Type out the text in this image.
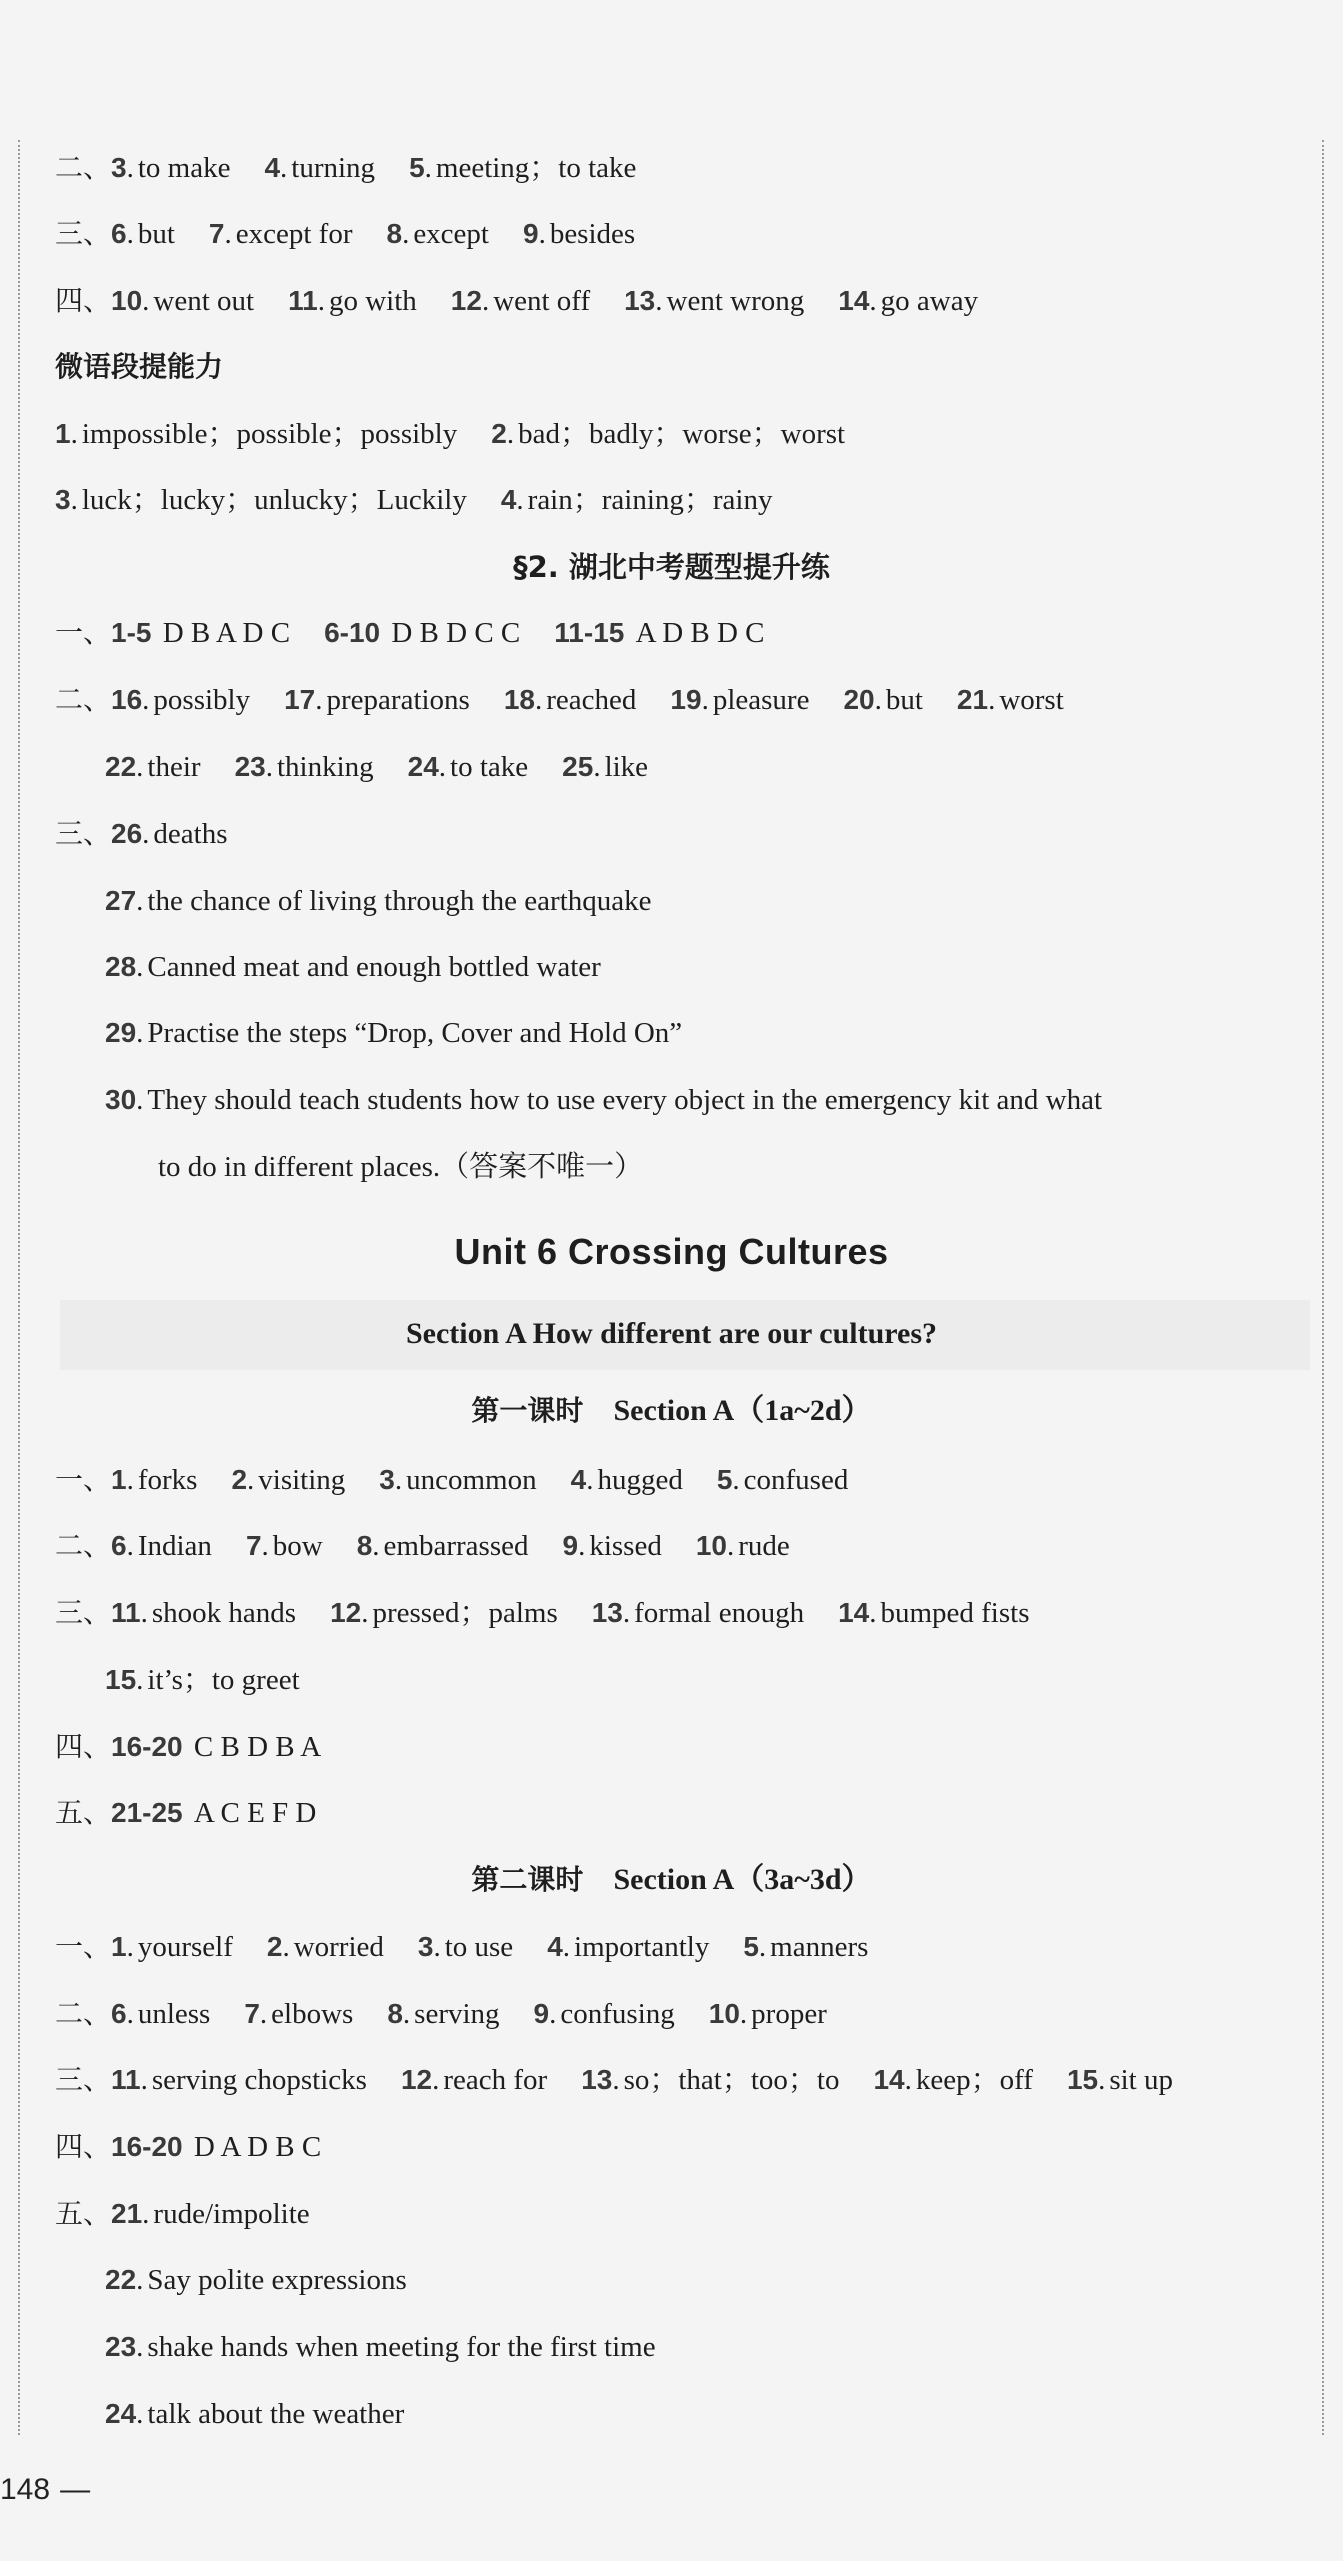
二、3. to make 4. turning 5. meeting；to take
三、6. but 7. except for 8. except 9. besides
四、10. went out 11. go with 12. went off 13. went wrong 14. go away
微语段提能力
1. impossible；possible；possibly 2. bad；badly；worse；worst
3. luck；lucky；unlucky；Luckily 4. rain；raining；rainy
§2. 湖北中考题型提升练
一、1-5 D B A D C 6-10 D B D C C 11-15 A D B D C
二、16. possibly 17. preparations 18. reached 19. pleasure 20. but 21. worst
22. their 23. thinking 24. to take 25. like
三、26. deaths
27. the chance of living through the earthquake
28. Canned meat and enough bottled water
29. Practise the steps “Drop, Cover and Hold On”
30. They should teach students how to use every object in the emergency kit and what
to do in different places.（答案不唯一）
Unit 6 Crossing Cultures
Section A How different are our cultures?
第一课时 Section A（1a~2d）
一、1. forks 2. visiting 3. uncommon 4. hugged 5. confused
二、6. Indian 7. bow 8. embarrassed 9. kissed 10. rude
三、11. shook hands 12. pressed；palms 13. formal enough 14. bumped fists
15. it’s；to greet
四、16-20 C B D B A
五、21-25 A C E F D
第二课时 Section A（3a~3d）
一、1. yourself 2. worried 3. to use 4. importantly 5. manners
二、6. unless 7. elbows 8. serving 9. confusing 10. proper
三、11. serving chopsticks 12. reach for 13. so；that；too；to 14. keep；off 15. sit up
四、16-20 D A D B C
五、21. rude/impolite
22. Say polite expressions
23. shake hands when meeting for the first time
24. talk about the weather
148 —
